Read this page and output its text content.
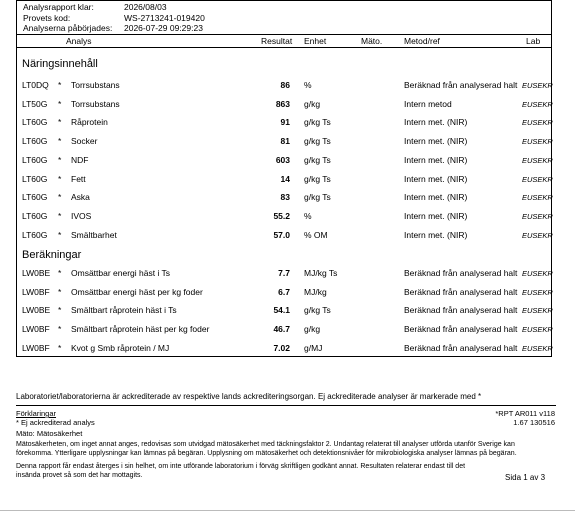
Analysrapport klar:	2026/08/03
Provets kod:	WS-2713241-019420
Analyserna påbörjades: 2026-07-29 09:29:23
Analys	Resultat Enhet	Mäto.	Metod/ref	Lab
Näringsinnehåll
LT0DQ * Torrsubstans	86 %	Beräknad från analyserad halt EUSEKR
LT50G * Torrsubstans	863 g/kg	Intern metod	EUSEKR
LT60G * Råprotein	91 g/kg Ts	Intern met. (NIR)	EUSEKR
LT60G * Socker	81 g/kg Ts	Intern met. (NIR)	EUSEKR
LT60G * NDF	603 g/kg Ts	Intern met. (NIR)	EUSEKR
LT60G * Fett	14 g/kg Ts	Intern met. (NIR)	EUSEKR
LT60G * Aska	83 g/kg Ts	Intern met. (NIR)	EUSEKR
LT60G * IVOS	55.2 %	Intern met. (NIR)	EUSEKR
LT60G * Smältbarhet	57.0 % OM	Intern met. (NIR)	EUSEKR
Beräkningar
LW0BE * Omsättbar energi häst i Ts	7.7 MJ/kg Ts	Beräknad från analyserad halt EUSEKR
LW0BF * Omsättbar energi häst per kg foder	6.7 MJ/kg	Beräknad från analyserad halt EUSEKR
LW0BE * Smältbart råprotein häst i Ts	54.1 g/kg Ts	Beräknad från analyserad halt EUSEKR
LW0BF * Smältbart råprotein häst per kg foder	46.7 g/kg	Beräknad från analyserad halt EUSEKR
LW0BF * Kvot g Smb råprotein / MJ	7.02 g/MJ	Beräknad från analyserad halt EUSEKR
Laboratoriet/laboratorierna är ackrediterade av respektive lands ackrediteringsorgan. Ej ackrediterade analyser är markerade med *
Förklaringar
* Ej ackrediterad analys
Mäto: Mätosäkerhet
*RPT AR011 v118
1.67 130516
Mätosäkerheten, om inget annat anges, redovisas som utvidgad mätosäkerhet med täckningsfaktor 2. Undantag relaterat till analyser utförda utanför Sverige kan
förekomma. Ytterligare upplysningar kan lämnas på begäran. Upplysning om mätosäkerhet och detektionsnivåer för mikrobiologiska analyser lämnas på begäran.
Denna rapport får endast återges i sin helhet, om inte utförande laboratorium i förväg skriftligen godkänt annat. Resultaten relaterar endast till det
insända provet så som det har mottagits.	Sida 1 av 3
